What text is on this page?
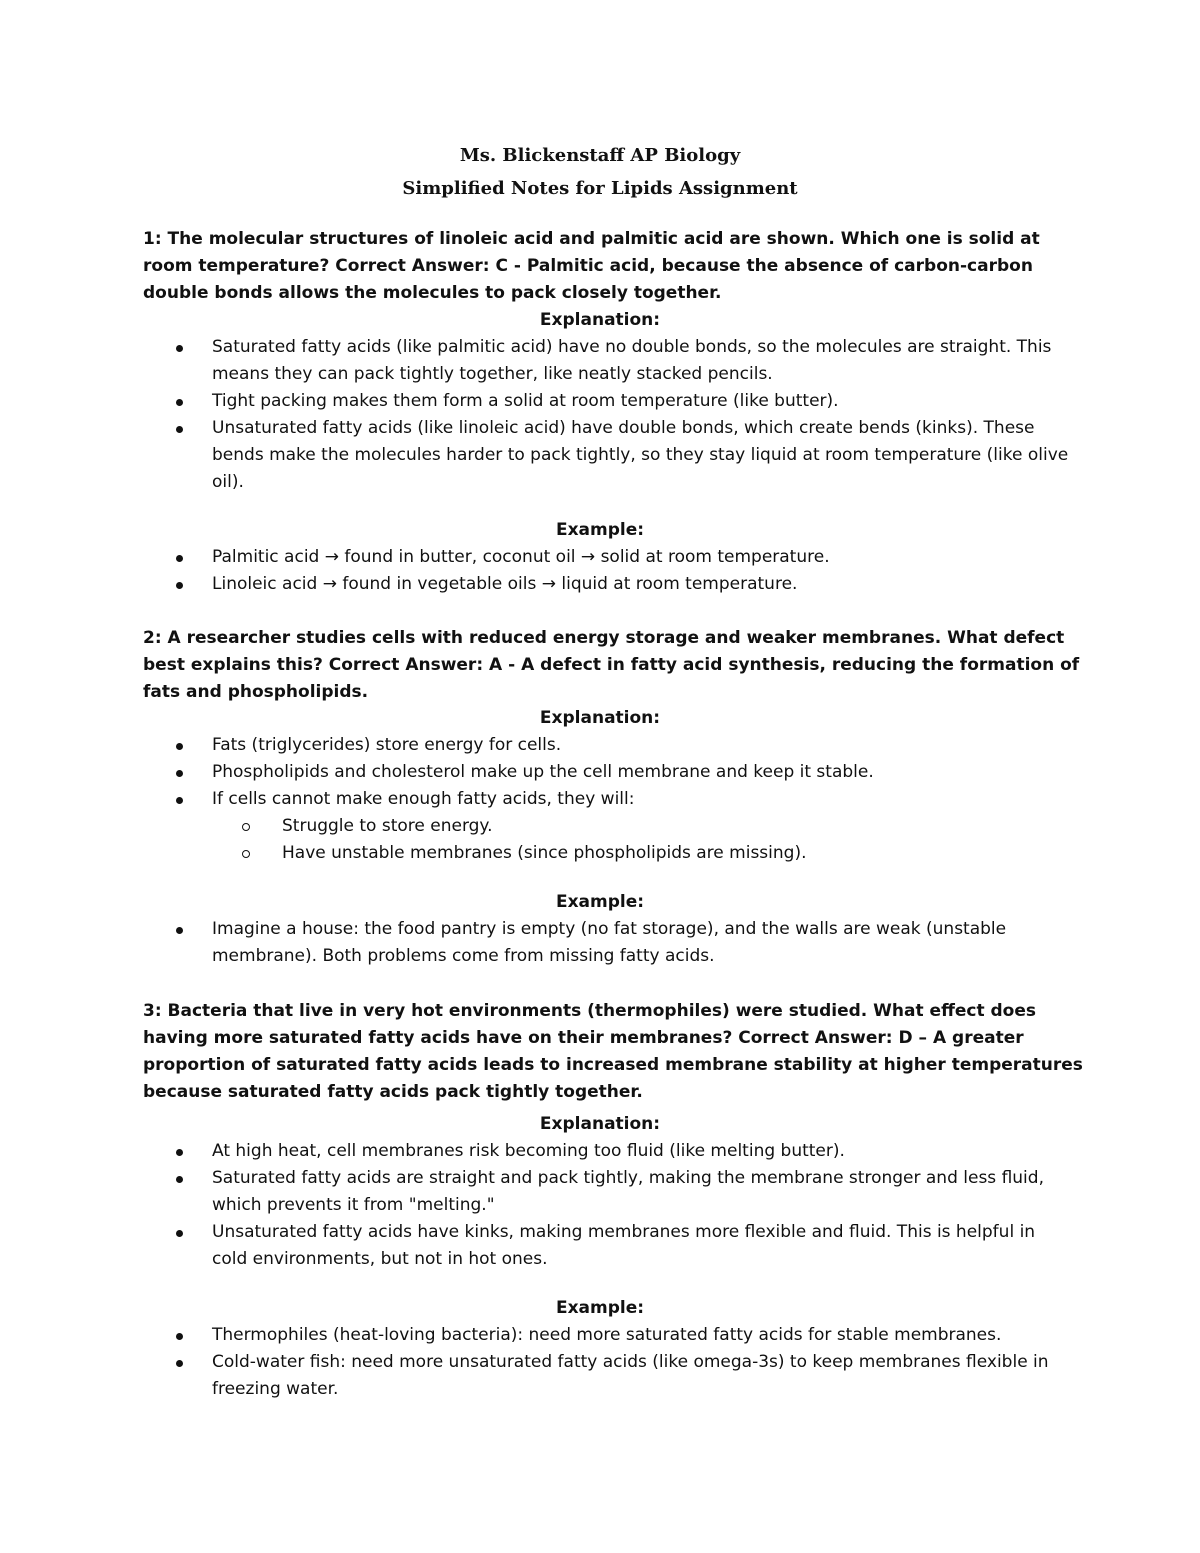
Ms. Blickenstaff AP Biology
Simplified Notes for Lipids Assignment

1: The molecular structures of linoleic acid and palmitic acid are shown. Which one is solid at room temperature? Correct Answer: C - Palmitic acid, because the absence of carbon-carbon double bonds allows the molecules to pack closely together.

Explanation:

Saturated fatty acids (like palmitic acid) have no double bonds, so the molecules are straight. This means they can pack tightly together, like neatly stacked pencils.
Tight packing makes them form a solid at room temperature (like butter).
Unsaturated fatty acids (like linoleic acid) have double bonds, which create bends (kinks). These bends make the molecules harder to pack tightly, so they stay liquid at room temperature (like olive oil).

Example:

Palmitic acid → found in butter, coconut oil → solid at room temperature.
Linoleic acid → found in vegetable oils → liquid at room temperature.

2: A researcher studies cells with reduced energy storage and weaker membranes. What defect best explains this? Correct Answer: A - A defect in fatty acid synthesis, reducing the formation of fats and phospholipids.

Explanation:

Fats (triglycerides) store energy for cells.
Phospholipids and cholesterol make up the cell membrane and keep it stable.
If cells cannot make enough fatty acids, they will:
Struggle to store energy.
Have unstable membranes (since phospholipids are missing).

Example:

Imagine a house: the food pantry is empty (no fat storage), and the walls are weak (unstable membrane). Both problems come from missing fatty acids.

3: Bacteria that live in very hot environments (thermophiles) were studied. What effect does having more saturated fatty acids have on their membranes? Correct Answer: D – A greater proportion of saturated fatty acids leads to increased membrane stability at higher temperatures because saturated fatty acids pack tightly together.

Explanation:

At high heat, cell membranes risk becoming too fluid (like melting butter).
Saturated fatty acids are straight and pack tightly, making the membrane stronger and less fluid, which prevents it from "melting."
Unsaturated fatty acids have kinks, making membranes more flexible and fluid. This is helpful in cold environments, but not in hot ones.

Example:

Thermophiles (heat-loving bacteria): need more saturated fatty acids for stable membranes.
Cold-water fish: need more unsaturated fatty acids (like omega-3s) to keep membranes flexible in freezing water.
